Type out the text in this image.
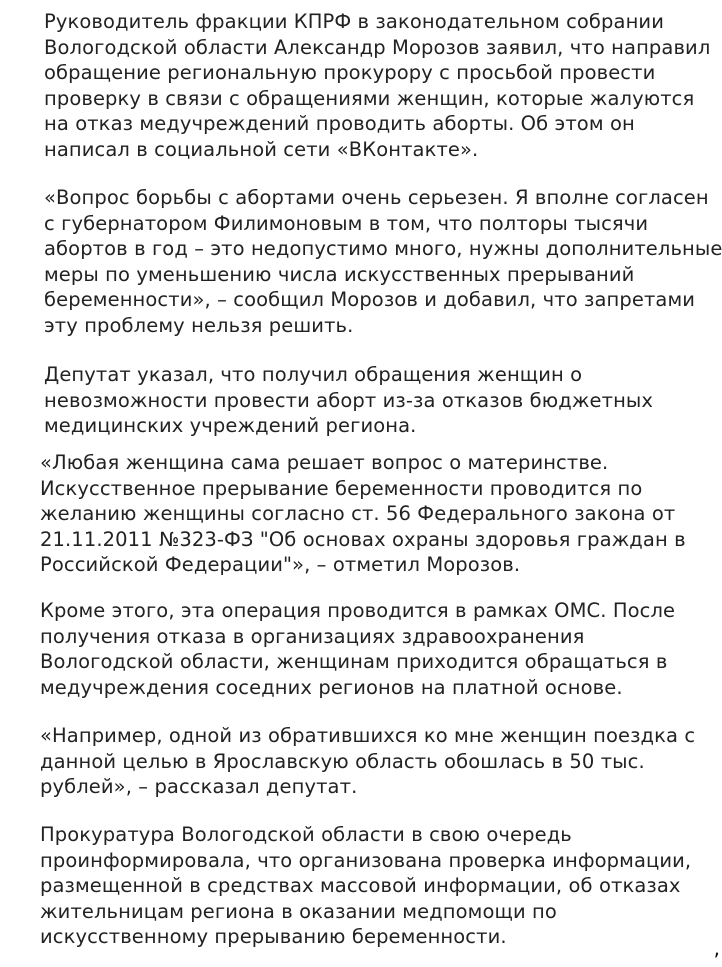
Руководитель фракции КПРФ в законодательном собрании Вологодской области Александр Морозов заявил, что направил обращение региональную прокурору с просьбой провести проверку в связи с обращениями женщин, которые жалуются на отказ медучреждений проводить аборты. Об этом он написал в социальной сети «ВКонтакте».

«Вопрос борьбы с абортами очень серьезен. Я вполне согласен с губернатором Филимоновым в том, что полторы тысячи абортов в год – это недопустимо много, нужны дополнительные меры по уменьшению числа искусственных прерываний беременности», – сообщил Морозов и добавил, что запретами эту проблему нельзя решить.

Депутат указал, что получил обращения женщин о невозможности провести аборт из-за отказов бюджетных медицинских учреждений региона.

«Любая женщина сама решает вопрос о материнстве. Искусственное прерывание беременности проводится по желанию женщины согласно ст. 56 Федерального закона от 21.11.2011 №323-ФЗ "Об основах охраны здоровья граждан в Российской Федерации"», – отметил Морозов.

Кроме этого, эта операция проводится в рамках ОМС. После получения отказа в организациях здравоохранения Вологодской области, женщинам приходится обращаться в медучреждения соседних регионов на платной основе.

«Например, одной из обратившихся ко мне женщин поездка с данной целью в Ярославскую область обошлась в 50 тыс. рублей», – рассказал депутат.

Прокуратура Вологодской области в свою очередь проинформировала, что организована проверка информации, размещенной в средствах массовой информации, об отказах жительницам региона в оказании медпомощи по искусственному прерыванию беременности.	,
